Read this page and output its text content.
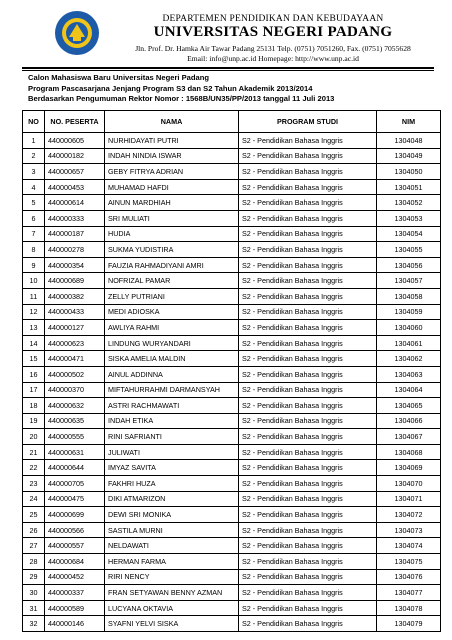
DEPARTEMEN PENDIDIKAN DAN KEBUDAYAAN
UNIVERSITAS NEGERI PADANG
Jln. Prof. Dr. Hamka Air Tawar Padang 25131 Telp. (0751) 7051260, Fax. (0751) 7055628
Email: info@unp.ac.id Homepage: http://www.unp.ac.id
Calon Mahasiswa Baru Universitas Negeri Padang
Program Pascasarjana Jenjang Program S3 dan S2 Tahun Akademik 2013/2014
Berdasarkan Pengumuman Rektor Nomor : 1568B/UN35/PP/2013 tanggal 11 Juli 2013
NO	NO. PESERTA	NAMA	PROGRAM STUDI	NIM
1	440000605	NURHIDAYATI PUTRI	S2 - Pendidikan Bahasa Inggris	1304048
2	440000182	INDAH NINDIA ISWAR	S2 - Pendidikan Bahasa Inggris	1304049
3	440000657	GEBY FITRYA ADRIAN	S2 - Pendidikan Bahasa Inggris	1304050
4	440000453	MUHAMAD HAFDI	S2 - Pendidikan Bahasa Inggris	1304051
5	440000614	AINUN MARDHIAH	S2 - Pendidikan Bahasa Inggris	1304052
6	440000333	SRI MULIATI	S2 - Pendidikan Bahasa Inggris	1304053
7	440000187	HUDIA	S2 - Pendidikan Bahasa Inggris	1304054
8	440000278	SUKMA YUDISTIRA	S2 - Pendidikan Bahasa Inggris	1304055
9	440000354	FAUZIA RAHMADIYANI AMRI	S2 - Pendidikan Bahasa Inggris	1304056
10	440000689	NOFRIZAL PAMAR	S2 - Pendidikan Bahasa Inggris	1304057
11	440000382	ZELLY PUTRIANI	S2 - Pendidikan Bahasa Inggris	1304058
12	440000433	MEDI ADIOSKA	S2 - Pendidikan Bahasa Inggris	1304059
13	440000127	AWLIYA RAHMI	S2 - Pendidikan Bahasa Inggris	1304060
14	440000623	LINDUNG WURYANDARI	S2 - Pendidikan Bahasa Inggris	1304061
15	440000471	SISKA AMELIA MALDIN	S2 - Pendidikan Bahasa Inggris	1304062
16	440000502	AINUL ADDINNA	S2 - Pendidikan Bahasa Inggris	1304063
17	440000370	MIFTAHURRAHMI DARMANSYAH	S2 - Pendidikan Bahasa Inggris	1304064
18	440000632	ASTRI RACHMAWATI	S2 - Pendidikan Bahasa Inggris	1304065
19	440000635	INDAH ETIKA	S2 - Pendidikan Bahasa Inggris	1304066
20	440000555	RINI SAFRIANTI	S2 - Pendidikan Bahasa Inggris	1304067
21	440000631	JULIWATI	S2 - Pendidikan Bahasa Inggris	1304068
22	440000644	IMYAZ SAVITA	S2 - Pendidikan Bahasa Inggris	1304069
23	440000705	FAKHRI HUZA	S2 - Pendidikan Bahasa Inggris	1304070
24	440000475	DIKI ATMARIZON	S2 - Pendidikan Bahasa Inggris	1304071
25	440000699	DEWI SRI MONIKA	S2 - Pendidikan Bahasa Inggris	1304072
26	440000566	SASTILA MURNI	S2 - Pendidikan Bahasa Inggris	1304073
27	440000557	NELDAWATI	S2 - Pendidikan Bahasa Inggris	1304074
28	440000684	HERMAN FARMA	S2 - Pendidikan Bahasa Inggris	1304075
29	440000452	RIRI NENCY	S2 - Pendidikan Bahasa Inggris	1304076
30	440000337	FRAN SETYAWAN BENNY AZMAN	S2 - Pendidikan Bahasa Inggris	1304077
31	440000589	LUCYANA OKTAVIA	S2 - Pendidikan Bahasa Inggris	1304078
32	440000146	SYAFNI YELVI SISKA	S2 - Pendidikan Bahasa Inggris	1304079
